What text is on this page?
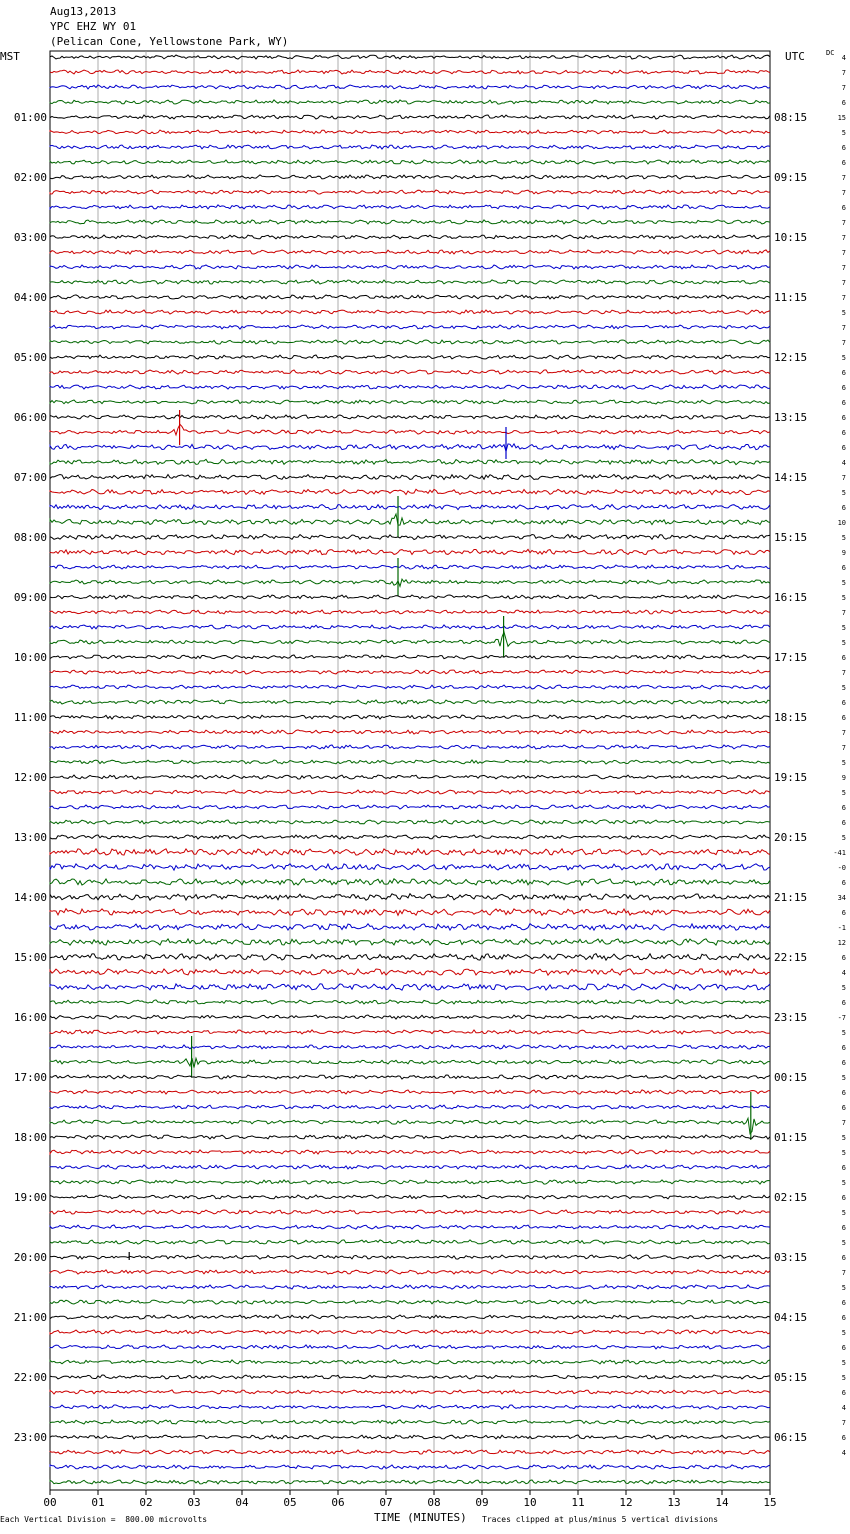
Aug13,2013
YPC EHZ WY 01
(Pelican Cone, Yellowstone Park, WY)
MST	UTC	DC
4
7
7
6
15
5
6
6
7
7
6
7
7
7
7
7
7
5
7
7
5
6
6
6
6
6
6
4
7
5
6
10
5
9
6
5
5
7
5
5
6
7
5
6
6
7
7
5
9
5
6
6
5
-41
-0
6
34
6
-1
12
6
4
5
6
-7
5
6
6
5
6
6
7
5
5
6
5
6
5
6
5
6
7
5
6
6
5
6
5
5
6
4
7
6
4
01:00
02:00
03:00
04:00
05:00
06:00
07:00
08:00
09:00
10:00
11:00
12:00
13:00
14:00
15:00
16:00
17:00
18:00
19:00
20:00
21:00
22:00
23:00
08:15
09:15
10:15
11:15
12:15
13:15
14:15
15:15
16:15
17:15
18:15
19:15
20:15
21:15
22:15
23:15
00:15
01:15
02:15
03:15
04:15
05:15
06:15
00	01	02	03	04	05	06	07	08	09	10	11	12	13	14	15
Each Vertical Division =  800.00 microvolts	TIME (MINUTES) Traces clipped at plus/minus 5 vertical divisions
